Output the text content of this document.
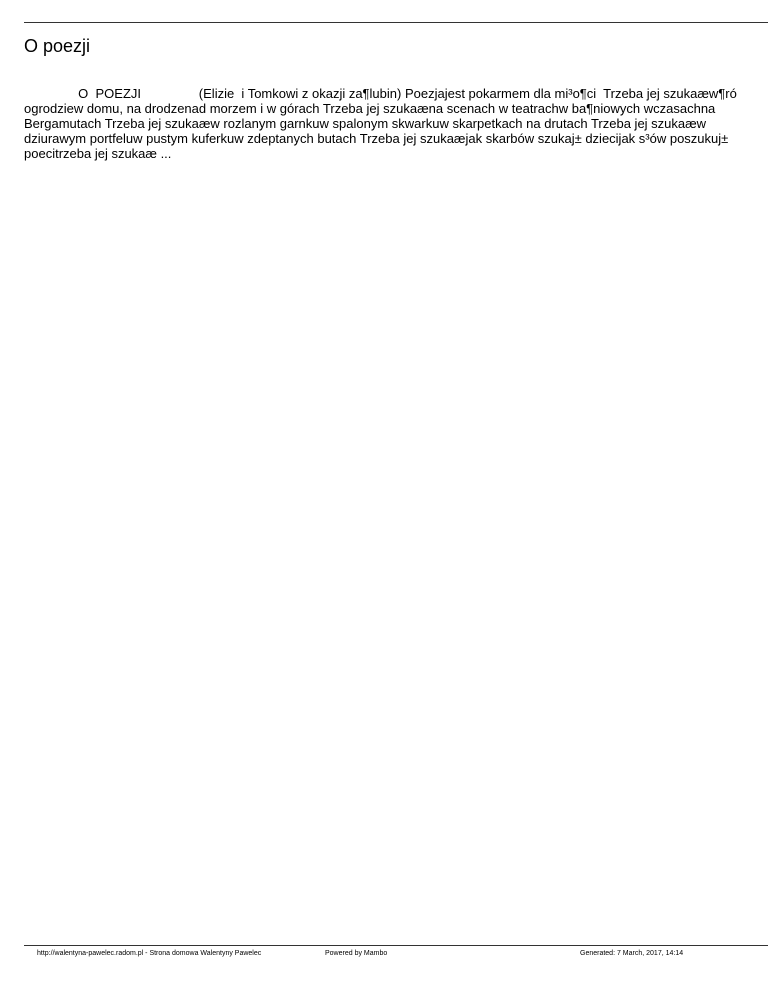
O poezji
O  POEZJI                (Elizie  i Tomkowi z okazji za¶lubin) Poezjajest pokarmem dla mi³o¶ci  Trzeba jej szukaæw¶ró
ogrodziew domu, na drodzenad morzem i w górach Trzeba jej szukaæna scenach w teatrachw ba¶niowych wczasachna
Bergamutach Trzeba jej szukaæw rozlanym garnkuw spalonym skwarkuw skarpetkach na drutach Trzeba jej szukaæw
dziurawym portfeluw pustym kuferkuw zdeptanych butach Trzeba jej szukaæjak skarbów szukaj± dziecijak s³ów poszukuj±
poecitrzeba jej szukaæ ...
http://walentyna-pawelec.radom.pl - Strona domowa Walentyny Pawelec	Powered by Mambo	Generated: 7 March, 2017, 14:14
